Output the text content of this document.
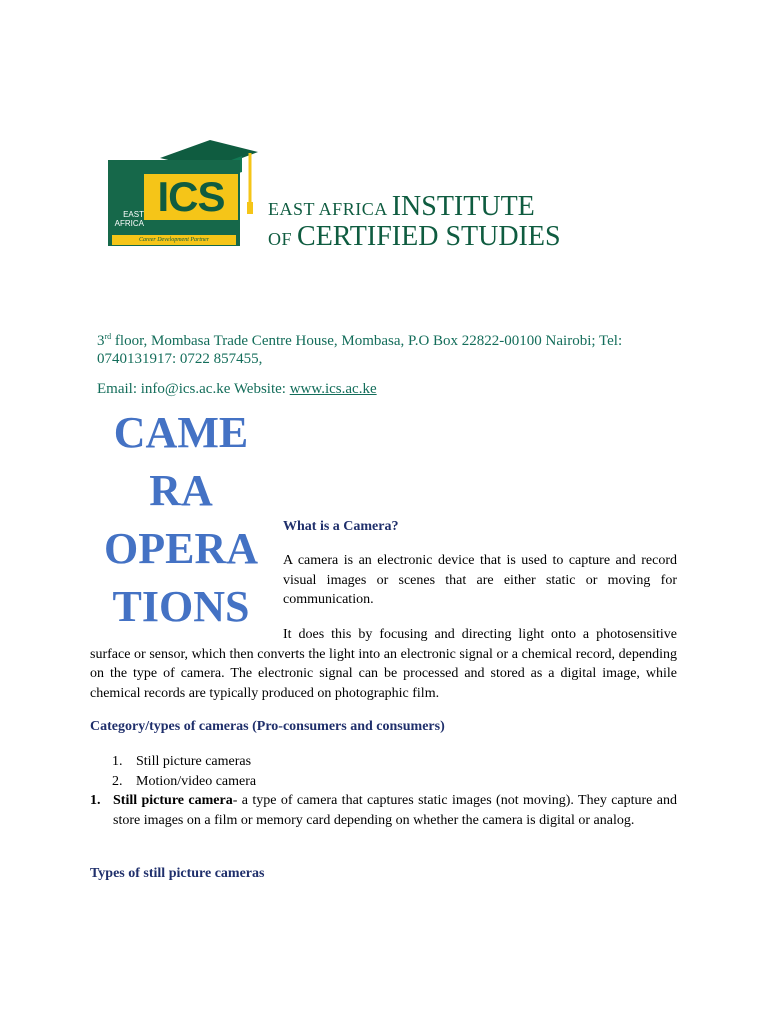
ICS
EAST AFRICA
Career Development Partner
EAST AFRICA INSTITUTE
OF CERTIFIED STUDIES
3rd floor, Mombasa Trade Centre House, Mombasa, P.O Box 22822-00100 Nairobi; Tel: 0740131917: 0722 857455,
Email: info@ics.ac.ke Website: www.ics.ac.ke
CAME
RA
OPERA
TIONS
What is a Camera?
A camera is an electronic device that is used to capture and record visual images or scenes that are either static or moving for communication.
It does this by focusing and directing light onto a photosensitive surface or sensor, which then converts the light into an electronic signal or a chemical record, depending on the type of camera. The electronic signal can be processed and stored as a digital image, while chemical records are typically produced on photographic film.
Category/types of cameras (Pro-consumers and consumers)
1. Still picture cameras
2. Motion/video camera
1. Still picture camera- a type of camera that captures static images (not moving). They capture and store images on a film or memory card depending on whether the camera is digital or analog.
Types of still picture cameras
